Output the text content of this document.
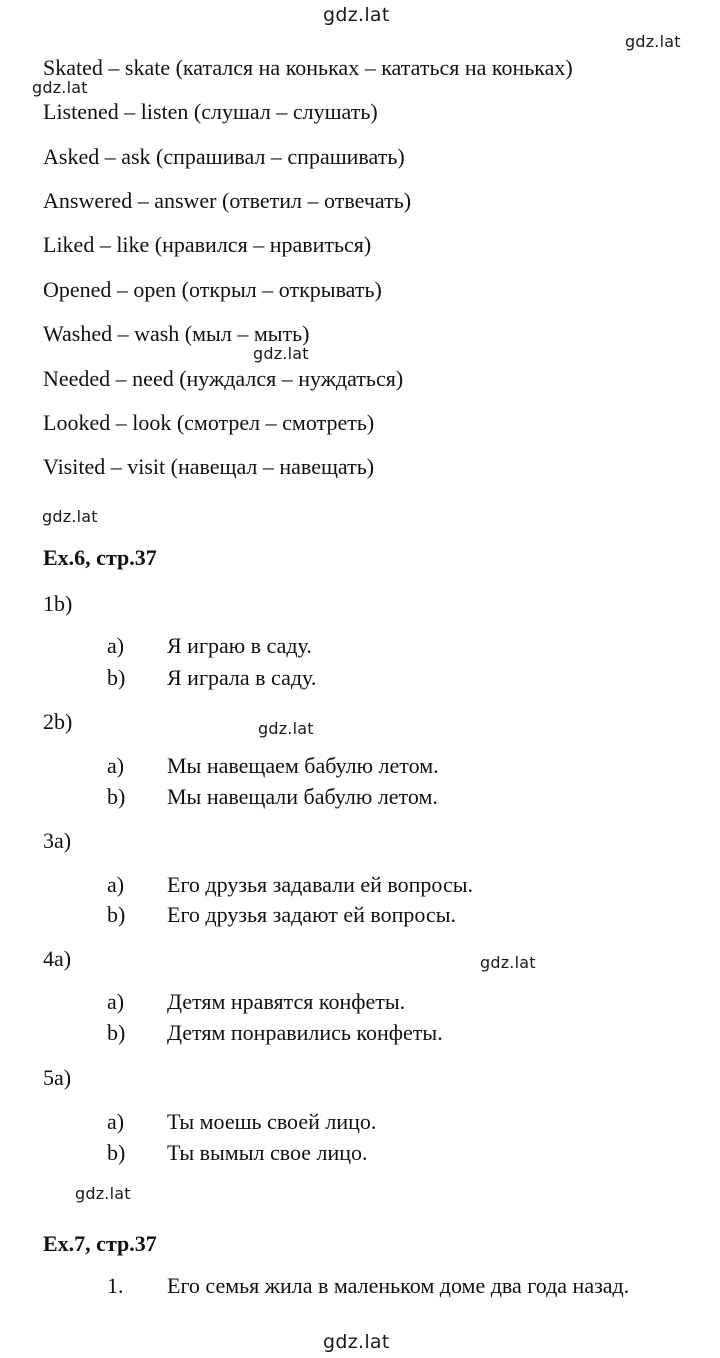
gdz.lat
gdz.lat
gdz.lat
gdz.lat
gdz.lat
gdz.lat
gdz.lat
gdz.lat
gdz.lat
Skated – skate (катался на коньках – кататься на коньках)
Listened – listen (слушал – слушать)
Asked – ask (спрашивал – спрашивать)
Answered – answer (ответил – отвечать)
Liked – like (нравился – нравиться)
Opened – open (открыл – открывать)
Washed – wash (мыл – мыть)
Needed – need (нуждался – нуждаться)
Looked – look (смотрел – смотреть)
Visited – visit (навещал – навещать)
Ex.6, стр.37
1b)
a) Я играю в саду.
b) Я играла в саду.
2b)
a) Мы навещаем бабулю летом.
b) Мы навещали бабулю летом.
3a)
a) Его друзья задавали ей вопросы.
b) Его друзья задают ей вопросы.
4a)
a) Детям нравятся конфеты.
b) Детям понравились конфеты.
5a)
a) Ты моешь своей лицо.
b) Ты вымыл свое лицо.
Ex.7, стр.37
1. Его семья жила в маленьком доме два года назад.
